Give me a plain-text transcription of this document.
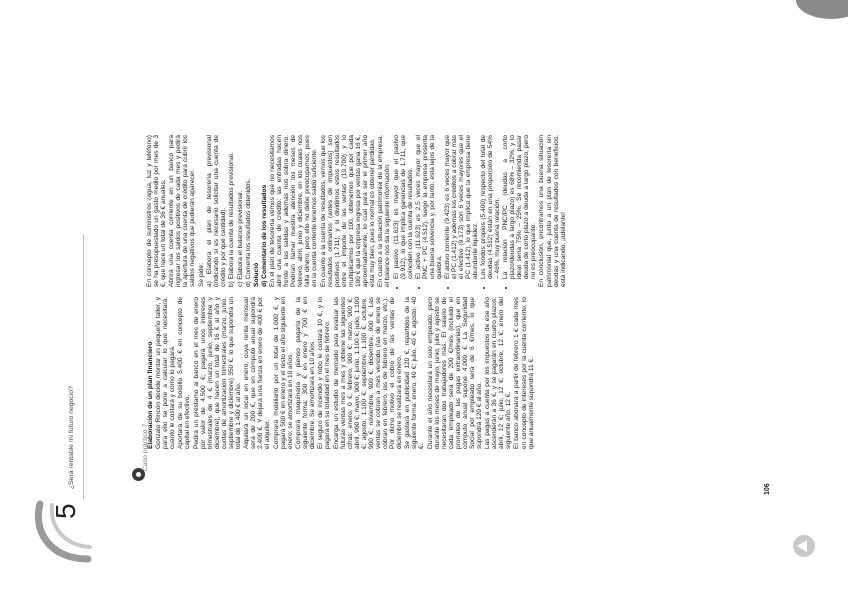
5
¿Será rentable mi futuro negocio?	Caso práctico 7
Elaboración de un plan financiero Gonzalo Rincón decide montar un pequeño taller, y para ello se pone a calcular lo que necesitará, cuánto le costará y cómo lo pagará. Aportará de su bolsillo 5.400 € en concepto de capital en efectivo. Pedirá un préstamo al banco en el mes de enero por valor de 4.500 €; pagará unos intereses trimestrales de 4 € (marzo, junio, septiembre y diciembre), que hacen un total de 16 € al año y cuotas de amortización trimestrales (marzo, junio, septiembre y diciembre) 350 €, lo que supondrá un total de 1.400 € al año. Alquilará un local en enero, cuya renta mensual será de 200 €, que en cómputo anual supondrá 2.400 €. Y dejará una fianza en enero de 400 € por el alquiler. Comprará mobiliario por un total de 1.000 €, y pagará 500 € en enero y el resto el año siguiente en enero; se amortizará en 10 años. Comprará maquinaria y pienso pagarla de la siguiente forma: 300 € en enero y 700 € en diciembre. Se amortizará en 10 años. El seguro de incendio y robo le costará 10 €, y lo pagará en su totalidad en el mes de febrero. Encarga un estudio de mercado para evaluar las futuras ventas mes a mes y obtiene las siguientes cifras: enero, 0 €; febrero, 900 €; marzo, 900 €; abril, 900 €; mayo, 900 €; junio, 1.100 €; julio, 1.100 €; agosto, 1.100 €; septiembre, 1.100 €; octubre, 900 €; noviembre, 900 €; diciembre, 900 €. Las ventas se cobran a mes vencido (las de enero se cobran en febrero, las de febrero en marzo, etc.). Por dicho motivo el cobro de las ventas de diciembre se realizará en enero. Se gastará en publicidad 120 €, repartidos de la siguiente forma: enero, 40 €; julio, 40 €; agosto, 40 €. Durante el año necesitará un solo empleado, pero durante los meses de mayo, junio, julio y agosto se necesitarán dos trabajadores más. El salario de cada empleado será de 200 €/mes (incluido el prorrateo de las pagas extraordinarias), que en cómputo anual supone 4.000 €. La Seguridad Social por empleado será de 6 €/mes, lo que supondrá 120 € al año. Las pagas a cuenta por los impuestos de ese año ascenderán a 36 €, y se pagarán en cuatro plazos: abril, 12 €; julio, 12 €; octubre, 12 €; enero del siguiente año, 12 €. El banco abonará a partir de febrero 1 € cada mes en concepto de intereses por la cuenta corriente, lo que anualmente supondrá 11 €.

En concepto de suministros (agua, luz y teléfono) se ha presupuestado un gasto medio por mes de 3 €, que hace un total de 36 € anuales. Abrirá una cuenta corriente en un banco para ingresar los saldos positivos de cada mes y pedirá la apertura de una cuenta de crédito para cubrir los saldos negativos que pudieran aparecer. Se pide: a) Elabora el plan de tesorería previsional (indicando si es necesario solicitar una cuenta de crédito y por qué cantidad). b) Elabora la cuenta de resultados previsional. c) Elabora el balance previsional. d) Comenta los resultados obtenidos. Solució d) Comentario de los resultados En el plan de tesorería vemos que no necesitamos abrir una cuenta de crédito: las entradas hacen frente a las salidas y además nos sobra dinero. Podrían llamar nuestra atención los meses de febrero, abril, junio y diciembre, en los cuales nos falta dinero, pero ello no debe preocuparnos, pues en la cuenta corriente tenemos saldo suficiente. En cuanto a la cuenta de resultados, vemos que los resultados ordinarios (antes de impuestos) son positivos (1.711), y si dividimos estos resultados entre el importe de las ventas (10.700) y lo multiplicamos por 100, obtenemos que por cada 100 € que la empresa ingresa por ventas gana 16 €, aproximadamente, lo cual para ser el primer año está muy bien, pues lo normal es obtener pérdidas. En cuanto a la situación patrimonial de la empresa, el balance nos da la siguiente información: • El pasivo (11.623) es mayor que el pasivo (9.912), lo que implica ganancias de 1.711, que coinciden con la cuenta de resultados. • El activo (11.623) es 2,5 veces mayor que el PNC + PC (4.512), luego la empresa presenta una buena solvencia y, por tanto, está lejos de la quiebra. • El activo corriente (9.423) es 6 veces mayor que el PC (1.412) y además los créditos a cobrar más el efectivo (9.173) son 6 veces mayores que el PC (1.412), lo que implica que la empresa tiene abundante liquidez. • Los fondos propios (5.400) respecto del total de deudas (4.512) están en una proporción de 54% – 46%, muy buena relación. • La relación PNC/PC (deudas a corto plazo/deudas a largo plazo) es 68% – 32%, y lo ideal sería 75% – 25%. Se recomienda pasar deuda de corto plazo a deuda a largo plazo, pero no es preocupante. En conclusión, encontramos una buena situación patrimonial que, junto a un plan de tesorería sin deudas y una cuenta de resultados con beneficios, está indicando: ¡adelante!

106
